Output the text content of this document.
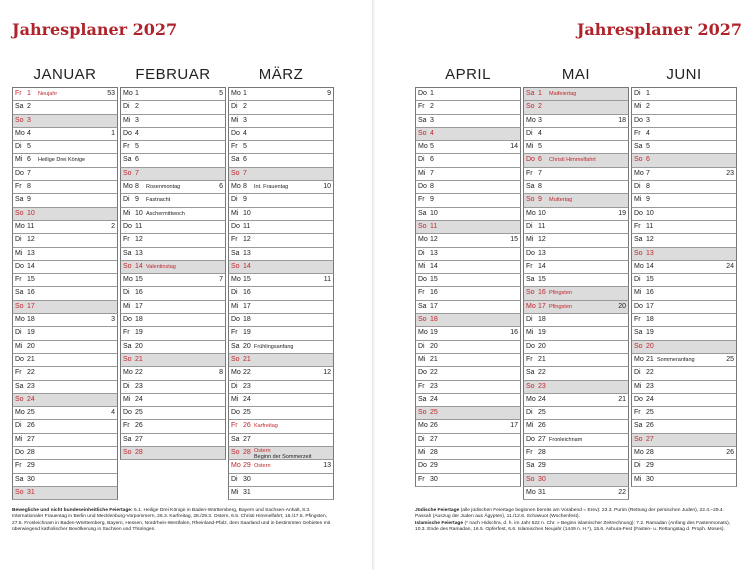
Jahresplaner 2027
JANUAR	FEBRUAR	MÄRZ
Fr 1	Neujahr	53
Sa 2
So 3
Mo 4	1
Di 5
Mi 6	Heilige Drei Könige
Do 7
Fr 8
Sa 9
So 10
Mo 11	2
Di 12
Mi 13
Do 14
Fr 15
Sa 16
So 17
Mo 18	3
Di 19
Mi 20
Do 21
Fr 22
Sa 23
So 24
Mo 25	4
Di 26
Mi 27
Do 28
Fr 29
Sa 30
So 31
Mo 1	5
Di 2
Mi 3
Do 4
Fr 5
Sa 6
So 7
Mo 8	Rosenmontag	6
Di 9	Fastnacht
Mi 10 Aschermittwoch
Do 11
Fr 12
Sa 13
So 14 Valentinstag
Mo 15	7
Di 16
Mi 17
Do 18
Fr 19
Sa 20
So 21
Mo 22	8
Di 23
Mi 24
Do 25
Fr 26
Sa 27
So 28
Mo 1	9
Di 2
Mi 3
Do 4
Fr 5
Sa 6
So 7
Mo 8	Int. Frauentag	10
Di 9
Mi 10
Do 11
Fr 12
Sa 13
So 14
Mo 15	11
Di 16
Mi 17
Do 18
Fr 19
Sa 20 Frühlingsanfang
So 21
Mo 22	12
Di 23
Mi 24
Do 25
Fr 26 Karfreitag
Sa 27
So 28 Ostern
Beginn der Sommerzeit
Mo 29 Ostern	13
Di 30
Mi 31
Bewegliche und nicht bundeseinheitliche Feiertage: 6.1. Heilige Drei Könige in Baden-Württemberg, Bayern und Sachsen-Anhalt, 8.3. Internationaler Frauentag in Berlin und Mecklenburg-Vorpommern, 26.3. Karfreitag, 28./29.3. Ostern, 6.5. Christi Himmelfahrt, 16./17.5. Pfingsten, 27.5. Fronleichnam in Baden-Württemberg, Bayern, Hessen, Nordrhein-Westfalen, Rheinland-Pfalz, dem Saarland und in bestimmten Gebieten mit überwiegend katholischer Bevölkerung in Sachsen und Thüringen.
Jahresplaner 2027
APRIL	MAI	JUNI
Do 1
Fr 2
Sa 3
So 4
Mo 5	14
Di 6
Mi 7
Do 8
Fr 9
Sa 10
So 11
Mo 12	15
Di 13
Mi 14
Do 15
Fr 16
Sa 17
So 18
Mo 19	16
Di 20
Mi 21
Do 22
Fr 23
Sa 24
So 25
Mo 26	17
Di 27
Mi 28
Do 29
Fr 30
Sa 1	Maifeiertag
So 2
Mo 3	18
Di 4
Mi 5
Do 6	Christi Himmelfahrt
Fr 7
Sa 8
So 9	Muttertag
Mo 10	19
Di 11
Mi 12
Do 13
Fr 14
Sa 15
So 16 Pfingsten
Mo 17 Pfingsten	20
Di 18
Mi 19
Do 20
Fr 21
Sa 22
So 23
Mo 24	21
Di 25
Mi 26
Do 27 Fronleichnam
Fr 28
Sa 29
So 30
Mo 31	22
Di 1
Mi 2
Do 3
Fr 4
Sa 5
So 6
Mo 7	23
Di 8
Mi 9
Do 10
Fr 11
Sa 12
So 13
Mo 14	24
Di 15
Mi 16
Do 17
Fr 18
Sa 19
So 20
Mo 21 Sommeranfang	25
Di 22
Mi 23
Do 24
Fr 25
Sa 26
So 27
Mo 28	26
Di 29
Mi 30
Jüdische Feiertage (alle jüdischen Feiertage beginnen bereits am Vorabend = Erev): 23.3. Purim (Rettung der persischen Juden), 22.4.–29.4. Passah (Auszug der Juden aus Ägypten), 11./12.6. Schawuot (Wochenfest).
Islamische Feiertage (* nach Hidschra, d. h. im Jahr 622 n. Chr. » Beginn islamischer Zeitrechnung): 7.2. Ramadan (Anfang des Fastenmonats), 10.3. Ende des Ramadan, 16.5. Opferfest, 6.6. Islamisches Neujahr (1449 n. H.*), 15.6. Ashura-Fest (Fasten- u. Rettungstag d. Proph. Moses).
